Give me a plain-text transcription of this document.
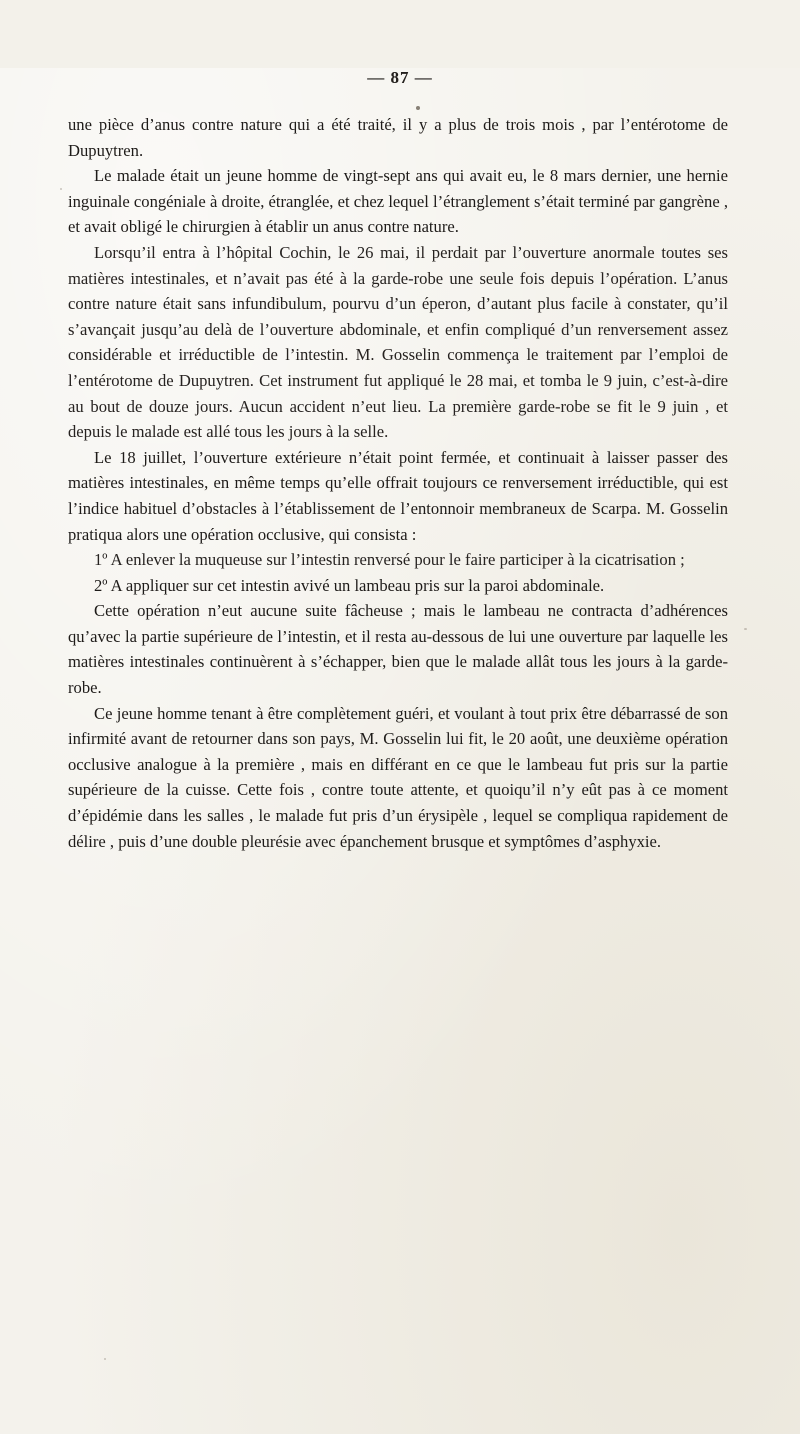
— 87 —

une pièce d’anus contre nature qui a été traité, il y a plus de trois mois , par l’entérotome de Dupuytren.

Le malade était un jeune homme de vingt-sept ans qui avait eu, le 8 mars dernier, une hernie inguinale congéniale à droite, étranglée, et chez lequel l’étranglement s’était terminé par gangrène , et avait obligé le chirurgien à établir un anus contre nature.

Lorsqu’il entra à l’hôpital Cochin, le 26 mai, il perdait par l’ouverture anormale toutes ses matières intestinales, et n’avait pas été à la garde-robe une seule fois depuis l’opération. L’anus contre nature était sans infundibulum, pourvu d’un éperon, d’autant plus facile à constater, qu’il s’avançait jusqu’au delà de l’ouverture abdominale, et enfin compliqué d’un renversement assez considérable et irréductible de l’intestin. M. Gosselin commença le traitement par l’emploi de l’entérotome de Dupuytren. Cet instrument fut appliqué le 28 mai, et tomba le 9 juin, c’est-à-dire au bout de douze jours. Aucun accident n’eut lieu. La première garde-robe se fit le 9 juin , et depuis le malade est allé tous les jours à la selle.

Le 18 juillet, l’ouverture extérieure n’était point fermée, et continuait à laisser passer des matières intestinales, en même temps qu’elle offrait toujours ce renversement irréductible, qui est l’indice habituel d’obstacles à l’établissement de l’entonnoir membraneux de Scarpa. M. Gosselin pratiqua alors une opération occlusive, qui consista :

1º A enlever la muqueuse sur l’intestin renversé pour le faire participer à la cicatrisation ;

2º A appliquer sur cet intestin avivé un lambeau pris sur la paroi abdominale.

Cette opération n’eut aucune suite fâcheuse ; mais le lambeau ne contracta d’adhérences qu’avec la partie supérieure de l’intestin, et il resta au-dessous de lui une ouverture par laquelle les matières intestinales continuèrent à s’échapper, bien que le malade allât tous les jours à la garde-robe.

Ce jeune homme tenant à être complètement guéri, et voulant à tout prix être débarrassé de son infirmité avant de retourner dans son pays, M. Gosselin lui fit, le 20 août, une deuxième opération occlusive analogue à la première , mais en différant en ce que le lambeau fut pris sur la partie supérieure de la cuisse. Cette fois , contre toute attente, et quoiqu’il n’y eût pas à ce moment d’épidémie dans les salles , le malade fut pris d’un érysipèle , lequel se compliqua rapidement de délire , puis d’une double pleurésie avec épanchement brusque et symptômes d’asphyxie.
